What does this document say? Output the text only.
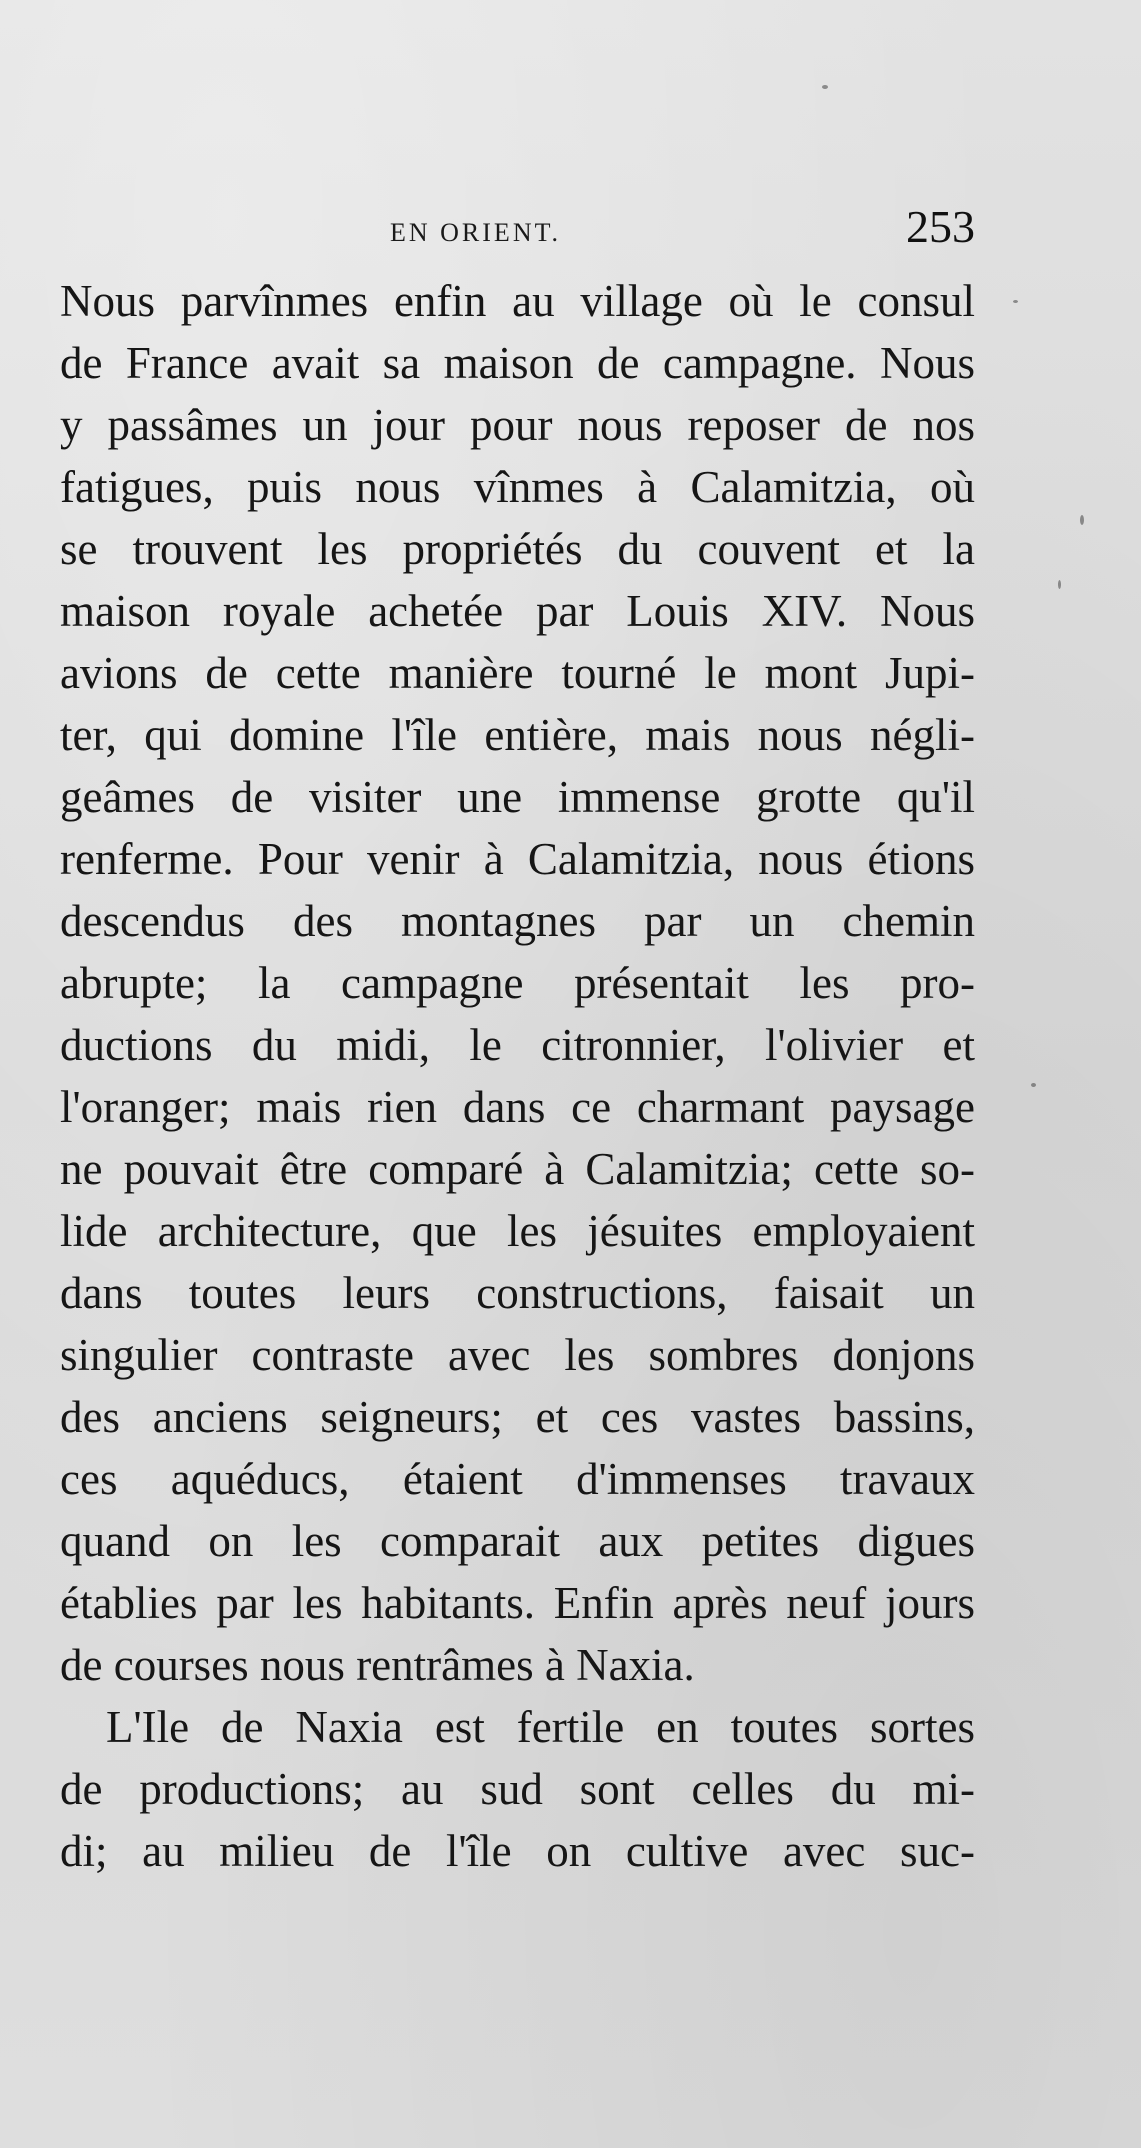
EN ORIENT.	253
Nous parvînmes enfin au village où le consul
de France avait sa maison de campagne. Nous
y passâmes un jour pour nous reposer de nos
fatigues, puis nous vînmes à Calamitzia, où
se trouvent les propriétés du couvent et la
maison royale achetée par Louis XIV. Nous
avions de cette manière tourné le mont Jupi-
ter, qui domine l'île entière, mais nous négli-
geâmes de visiter une immense grotte qu'il
renferme. Pour venir à Calamitzia, nous étions
descendus des montagnes par un chemin
abrupte; la campagne présentait les pro-
ductions du midi, le citronnier, l'olivier et
l'oranger; mais rien dans ce charmant paysage
ne pouvait être comparé à Calamitzia; cette so-
lide architecture, que les jésuites employaient
dans toutes leurs constructions, faisait un
singulier contraste avec les sombres donjons
des anciens seigneurs; et ces vastes bassins,
ces aquéducs, étaient d'immenses travaux
quand on les comparait aux petites digues
établies par les habitants. Enfin après neuf jours
de courses nous rentrâmes à Naxia.
L'Ile de Naxia est fertile en toutes sortes
de productions; au sud sont celles du mi-
di; au milieu de l'île on cultive avec suc-
